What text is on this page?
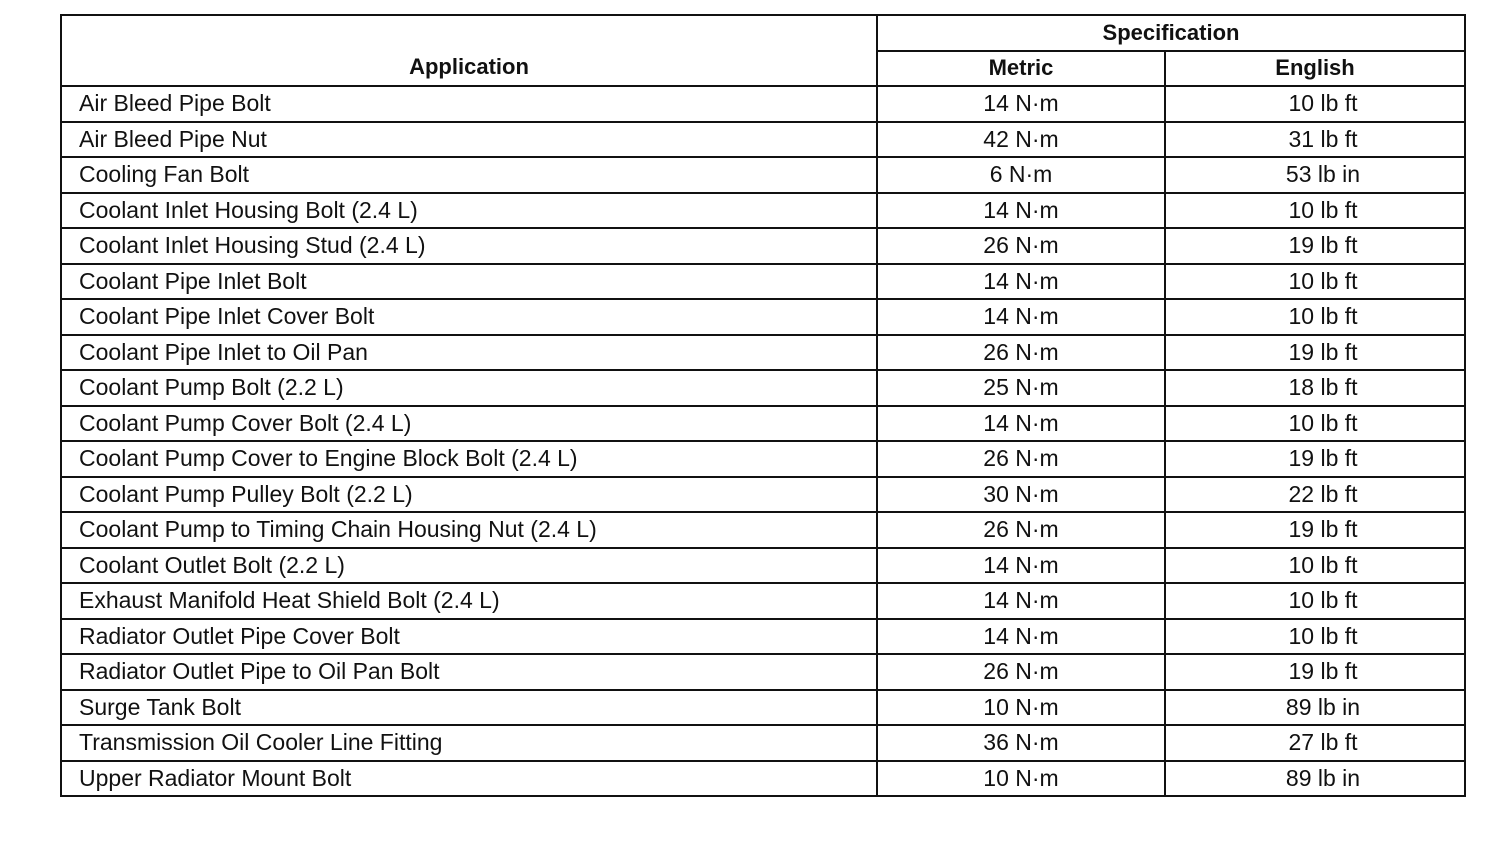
Application	Specification	
	Metric	English
Air Bleed Pipe Bolt	14 N·m	10 lb ft
Air Bleed Pipe Nut	42 N·m	31 lb ft
Cooling Fan Bolt	6 N·m	53 lb in
Coolant Inlet Housing Bolt (2.4 L)	14 N·m	10 lb ft
Coolant Inlet Housing Stud (2.4 L)	26 N·m	19 lb ft
Coolant Pipe Inlet Bolt	14 N·m	10 lb ft
Coolant Pipe Inlet Cover Bolt	14 N·m	10 lb ft
Coolant Pipe Inlet to Oil Pan	26 N·m	19 lb ft
Coolant Pump Bolt (2.2 L)	25 N·m	18 lb ft
Coolant Pump Cover Bolt (2.4 L)	14 N·m	10 lb ft
Coolant Pump Cover to Engine Block Bolt (2.4 L)	26 N·m	19 lb ft
Coolant Pump Pulley Bolt (2.2 L)	30 N·m	22 lb ft
Coolant Pump to Timing Chain Housing Nut (2.4 L)	26 N·m	19 lb ft
Coolant Outlet Bolt (2.2 L)	14 N·m	10 lb ft
Exhaust Manifold Heat Shield Bolt (2.4 L)	14 N·m	10 lb ft
Radiator Outlet Pipe Cover Bolt	14 N·m	10 lb ft
Radiator Outlet Pipe to Oil Pan Bolt	26 N·m	19 lb ft
Surge Tank Bolt	10 N·m	89 lb in
Transmission Oil Cooler Line Fitting	36 N·m	27 lb ft
Upper Radiator Mount Bolt	10 N·m	89 lb in
